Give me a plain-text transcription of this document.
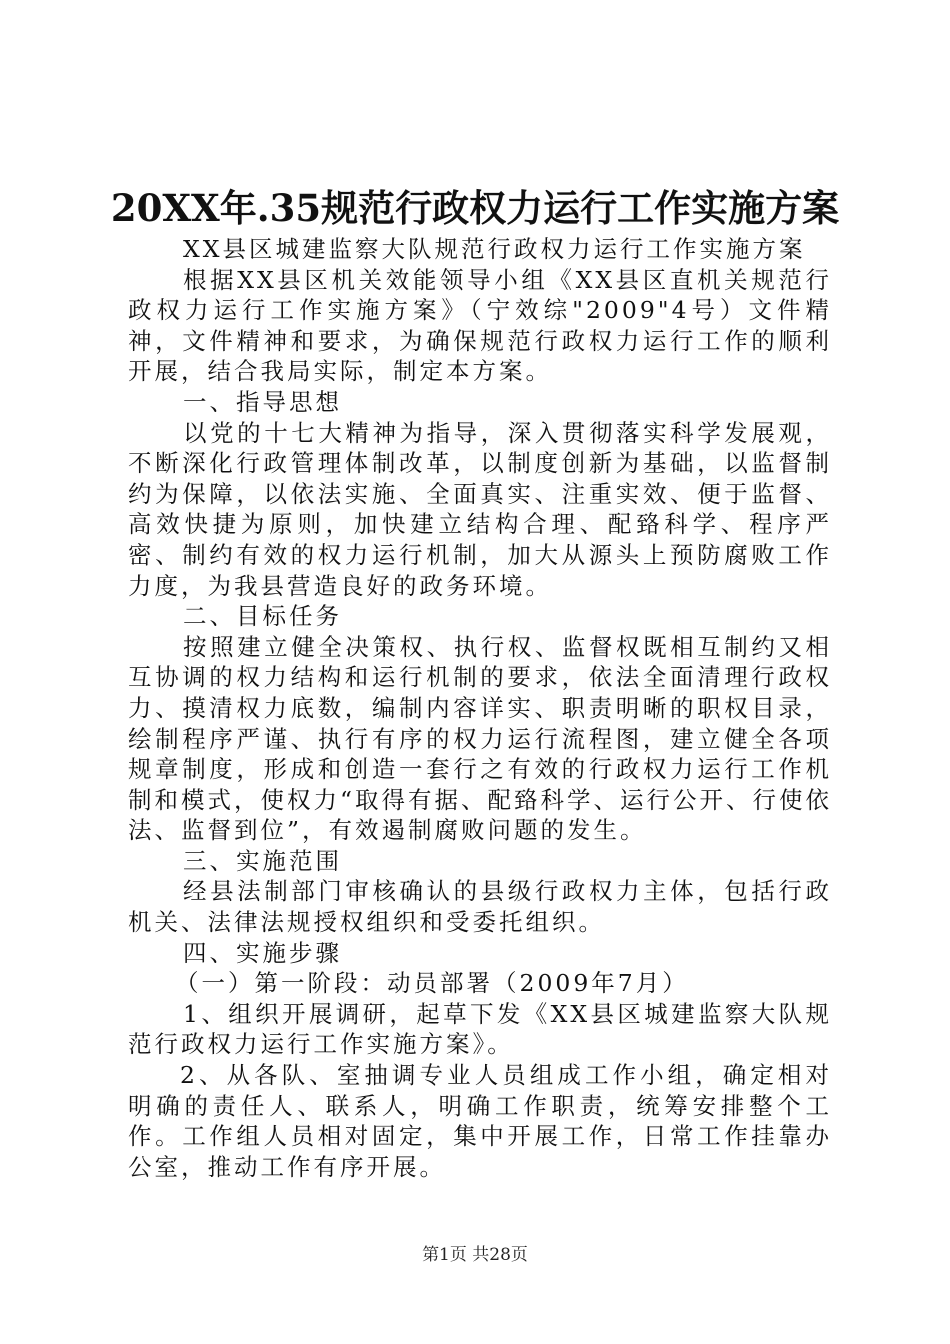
20XX年.35规范行政权力运行工作实施方案

XX县区城建监察大队规范行政权力运行工作实施方案

根据XX县区机关效能领导小组《XX县区直机关规范行政权力运行工作实施方案》（宁效综"2009"4号）文件精神，文件精神和要求，为确保规范行政权力运行工作的顺利开展，结合我局实际，制定本方案。

一、指导思想

以党的十七大精神为指导，深入贯彻落实科学发展观，不断深化行政管理体制改革，以制度创新为基础，以监督制约为保障，以依法实施、全面真实、注重实效、便于监督、高效快捷为原则，加快建立结构合理、配臵科学、程序严密、制约有效的权力运行机制，加大从源头上预防腐败工作力度，为我县营造良好的政务环境。

二、目标任务

按照建立健全决策权、执行权、监督权既相互制约又相互协调的权力结构和运行机制的要求，依法全面清理行政权力、摸清权力底数，编制内容详实、职责明晰的职权目录，绘制程序严谨、执行有序的权力运行流程图，建立健全各项规章制度，形成和创造一套行之有效的行政权力运行工作机制和模式，使权力“取得有据、配臵科学、运行公开、行使依法、监督到位”，有效遏制腐败问题的发生。

三、实施范围

经县法制部门审核确认的县级行政权力主体，包括行政机关、法律法规授权组织和受委托组织。

四、实施步骤

（一）第一阶段：动员部署（2009年7月）

1、组织开展调研，起草下发《XX县区城建监察大队规范行政权力运行工作实施方案》。

2、从各队、室抽调专业人员组成工作小组，确定相对明确的责任人、联系人，明确工作职责，统筹安排整个工作。工作组人员相对固定，集中开展工作，日常工作挂靠办公室，推动工作有序开展。

第1页 共28页
